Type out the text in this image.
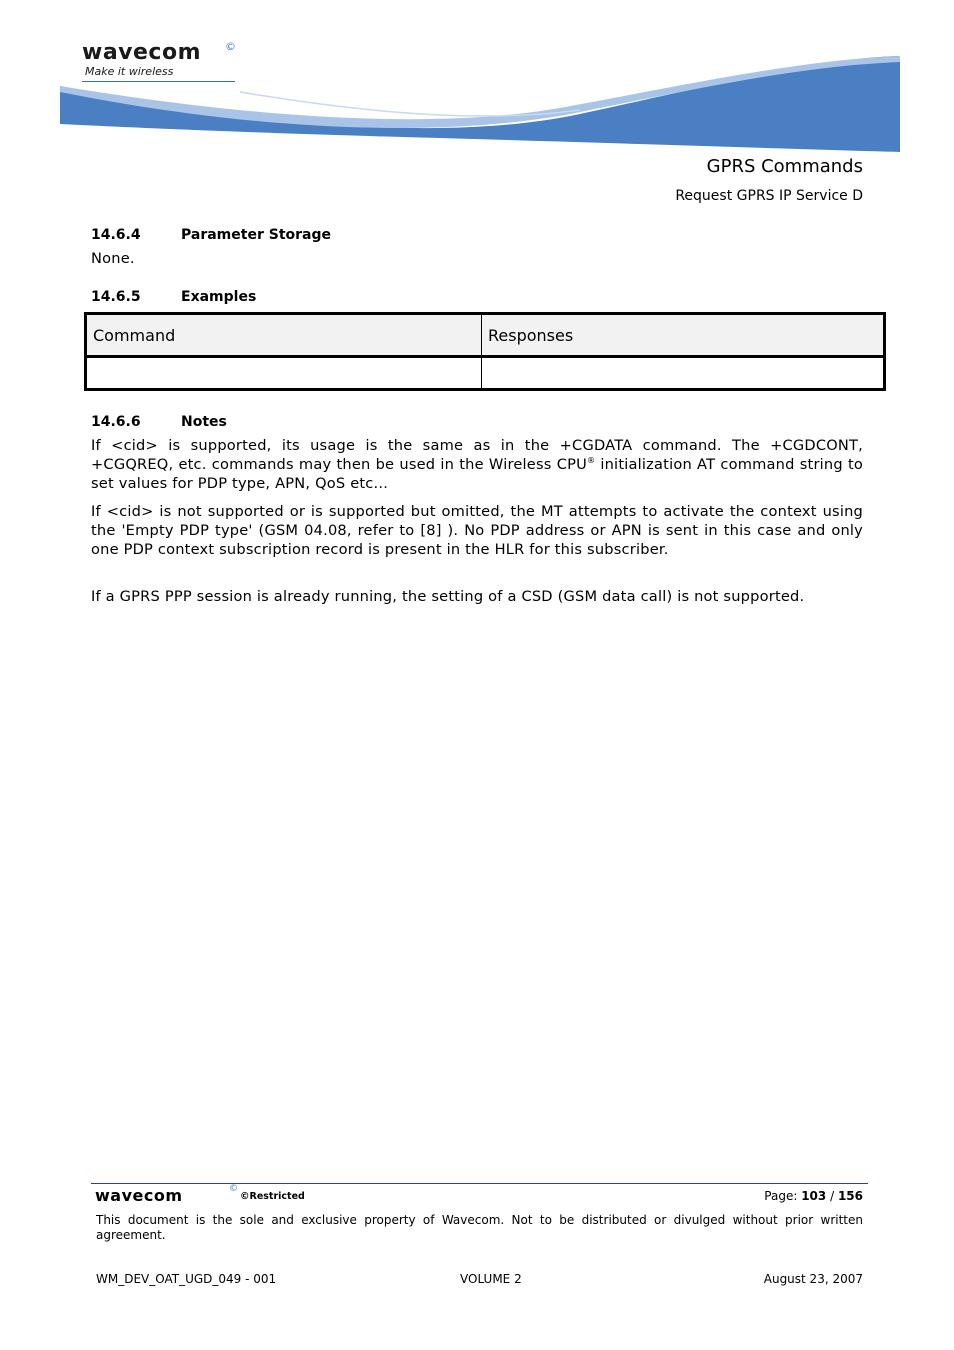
wavecom ©
Make it wireless
GPRS Commands
Request GPRS IP Service D
14.6.4	Parameter Storage
None.
14.6.5	Examples
Command	Responses

14.6.6	Notes
If <cid> is supported, its usage is the same as in the +CGDATA command. The +CGDCONT, +CGQREQ, etc. commands may then be used in the Wireless CPU® initialization AT command string to set values for PDP type, APN, QoS etc...
If <cid> is not supported or is supported but omitted, the MT attempts to activate the context using the 'Empty PDP type' (GSM 04.08, refer to [8] ). No PDP address or APN is sent in this case and only one PDP context subscription record is present in the HLR for this subscriber.
If a GPRS PPP session is already running, the setting of a CSD (GSM data call) is not supported.
wavecom	©
©Restricted	Page: 103 / 156
This document is the sole and exclusive property of Wavecom. Not to be distributed or divulged without prior written agreement.
WM_DEV_OAT_UGD_049 - 001	VOLUME 2	August 23, 2007
